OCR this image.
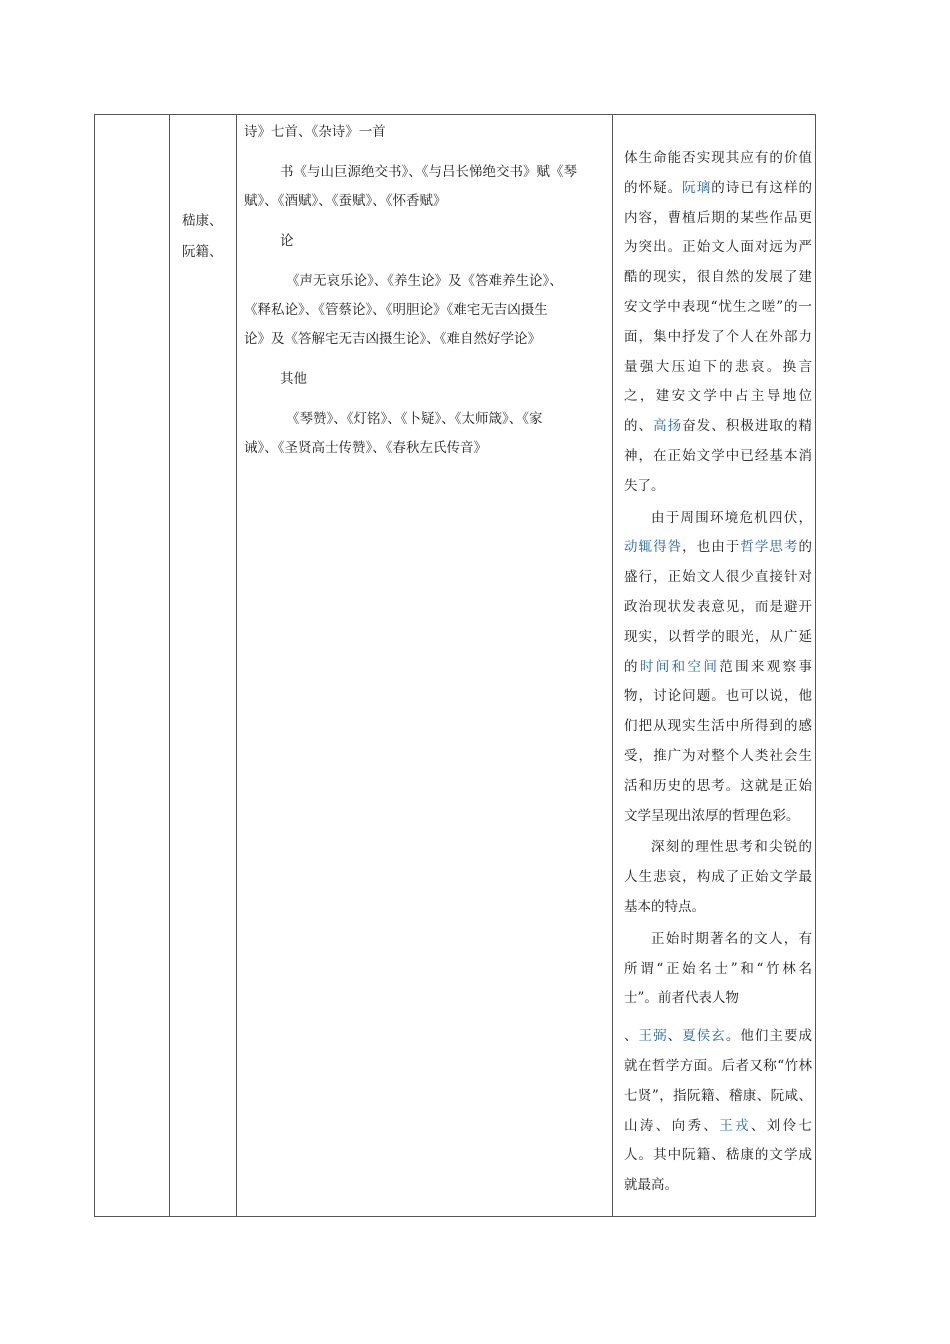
嵇康、

阮籍、

诗》七首、《杂诗》一首

书《与山巨源绝交书》、《与吕长悌绝交书》赋《琴

赋》、《酒赋》、《蚕赋》、《怀香赋》

论

《声无哀乐论》、《养生论》及《答难养生论》、

《释私论》、《管蔡论》、《明胆论》《难宅无吉凶摄生

论》及《答解宅无吉凶摄生论》、《难自然好学论》

其他

《琴赞》、《灯铭》、《卜疑》、《太师箴》、《家

诫》、《圣贤高士传赞》、《春秋左氏传音》

体生命能否实现其应有的价值的怀疑。阮璃的诗已有这样的内容，曹植后期的某些作品更为突出。正始文人面对远为严酷的现实，很自然的发展了建安文学中表现“忧生之嗟”的一面，集中抒发了个人在外部力量强大压迫下的悲哀。换言之，建安文学中占主导地位的、高扬奋发、积极进取的精神，在正始文学中已经基本消失了。

由于周围环境危机四伏，动辄得咎，也由于哲学思考的盛行，正始文人很少直接针对政治现状发表意见，而是避开现实，以哲学的眼光，从广延的时间和空间范围来观察事物，讨论问题。也可以说，他们把从现实生活中所得到的感受，推广为对整个人类社会生活和历史的思考。这就是正始文学呈现出浓厚的哲理色彩。

深刻的理性思考和尖锐的人生悲哀，构成了正始文学最基本的特点。

正始时期著名的文人，有所谓“正始名士”和“竹林名士”。前者代表人物

、王弼、夏侯玄。他们主要成就在哲学方面。后者又称“竹林七贤”，指阮籍、稽康、阮咸、山涛、向秀、王戎、刘伶七人。其中阮籍、嵇康的文学成就最高。
